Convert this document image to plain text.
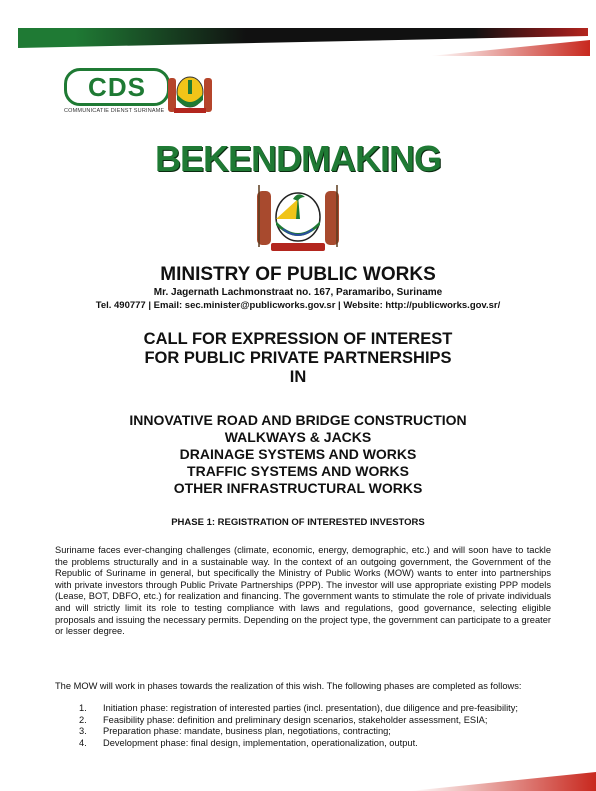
CDS
COMMUNICATIE DIENST SURINAME
BEKENDMAKING
MINISTRY OF PUBLIC WORKS
Mr. Jagernath Lachmonstraat no. 167, Paramaribo, Suriname
Tel. 490777 | Email: sec.minister@publicworks.gov.sr | Website: http://publicworks.gov.sr/
CALL FOR EXPRESSION OF INTEREST
FOR PUBLIC PRIVATE PARTNERSHIPS
IN
INNOVATIVE ROAD AND BRIDGE CONSTRUCTION
WALKWAYS & JACKS
DRAINAGE SYSTEMS AND WORKS
TRAFFIC SYSTEMS AND WORKS
OTHER INFRASTRUCTURAL WORKS
PHASE 1: REGISTRATION OF INTERESTED INVESTORS
Suriname faces ever-changing challenges (climate, economic, energy, demographic, etc.) and will soon have to tackle the problems structurally and in a sustainable way. In the context of an outgoing government, the Government of the Republic of Suriname in general, but specifically the Ministry of Public Works (MOW) wants to enter into partnerships with private investors through Public Private Partnerships (PPP). The investor will use appropriate existing PPP models (Lease, BOT, DBFO, etc.) for realization and financing. The government wants to stimulate the role of private individuals and will strictly limit its role to testing compliance with laws and regulations, good governance, selecting eligible proposals and issuing the necessary permits. Depending on the project type, the government can participate to a greater or lesser degree.
The MOW will work in phases towards the realization of this wish. The following phases are completed as follows:
1. Initiation phase: registration of interested parties (incl. presentation), due diligence and pre-feasibility;
2. Feasibility phase: definition and preliminary design scenarios, stakeholder assessment, ESIA;
3. Preparation phase: mandate, business plan, negotiations, contracting;
4. Development phase: final design, implementation, operationalization, output.
